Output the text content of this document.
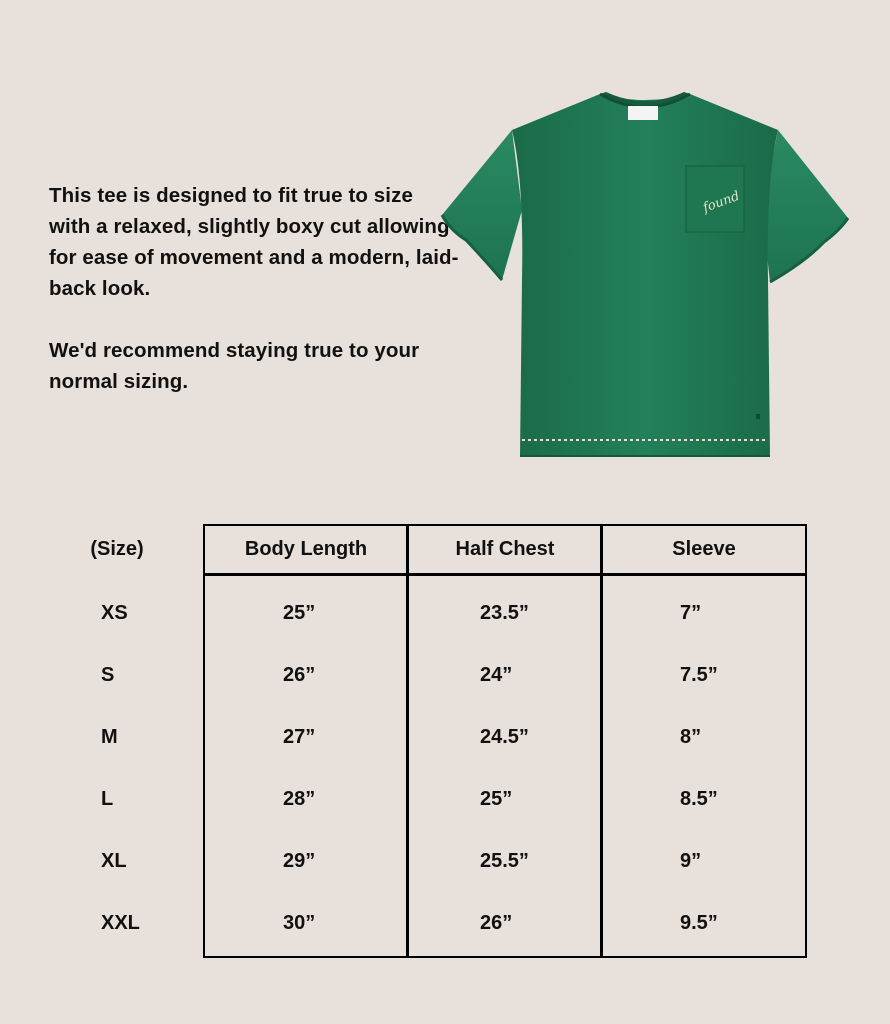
This tee is designed to fit true to size with a relaxed, slightly boxy cut allowing for ease of movement and a modern, laid-back look.

We'd recommend staying true to your normal sizing.

found
(Size)	Body Length	Half Chest	Sleeve
XS	25”	23.5”	7”
S	26”	24”	7.5”
M	27”	24.5”	8”
L	28”	25”	8.5”
XL	29”	25.5”	9”
XXL	30”	26”	9.5”
